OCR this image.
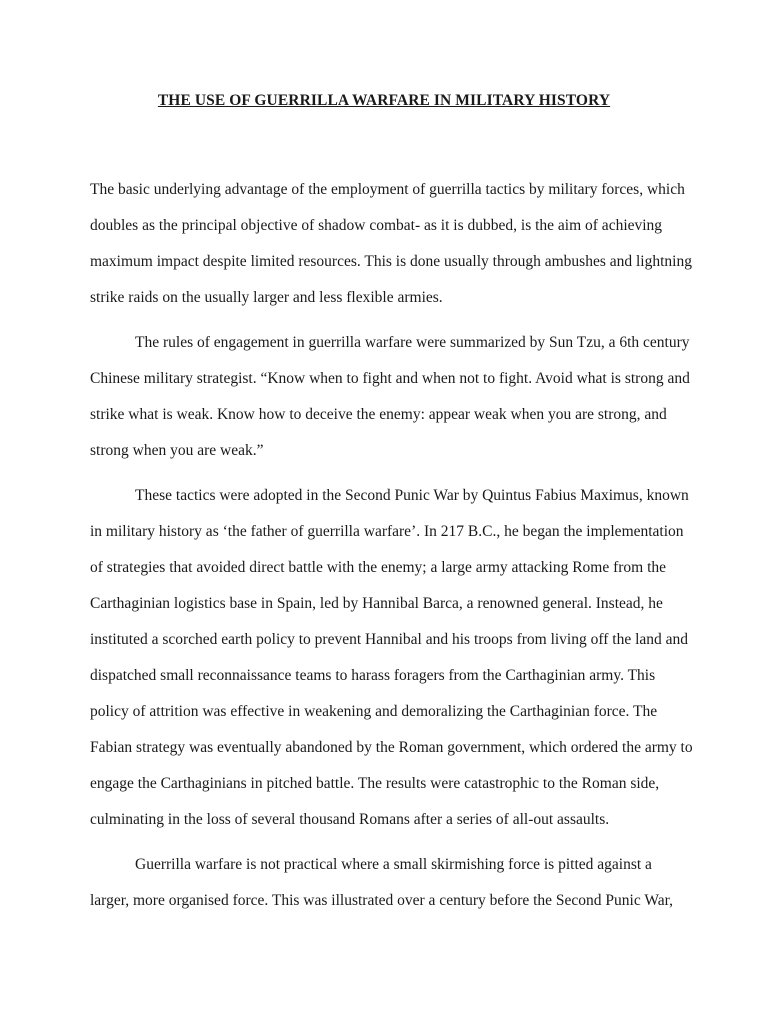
THE USE OF GUERRILLA WARFARE IN MILITARY HISTORY
The basic underlying advantage of the employment of guerrilla tactics by military forces, which
doubles as the principal objective of shadow combat- as it is dubbed, is the aim of achieving
maximum impact despite limited resources. This is done usually through ambushes and lightning
strike raids on the usually larger and less flexible armies.
The rules of engagement in guerrilla warfare were summarized by Sun Tzu, a 6th century
Chinese military strategist. “Know when to fight and when not to fight. Avoid what is strong and
strike what is weak. Know how to deceive the enemy: appear weak when you are strong, and
strong when you are weak.”
These tactics were adopted in the Second Punic War by Quintus Fabius Maximus, known
in military history as ‘the father of guerrilla warfare’. In 217 B.C., he began the implementation
of strategies that avoided direct battle with the enemy; a large army attacking Rome from the
Carthaginian logistics base in Spain, led by Hannibal Barca, a renowned general. Instead, he
instituted a scorched earth policy to prevent Hannibal and his troops from living off the land and
dispatched small reconnaissance teams to harass foragers from the Carthaginian army. This
policy of attrition was effective in weakening and demoralizing the Carthaginian force. The
Fabian strategy was eventually abandoned by the Roman government, which ordered the army to
engage the Carthaginians in pitched battle. The results were catastrophic to the Roman side,
culminating in the loss of several thousand Romans after a series of all-out assaults.
Guerrilla warfare is not practical where a small skirmishing force is pitted against a
larger, more organised force. This was illustrated over a century before the Second Punic War,
